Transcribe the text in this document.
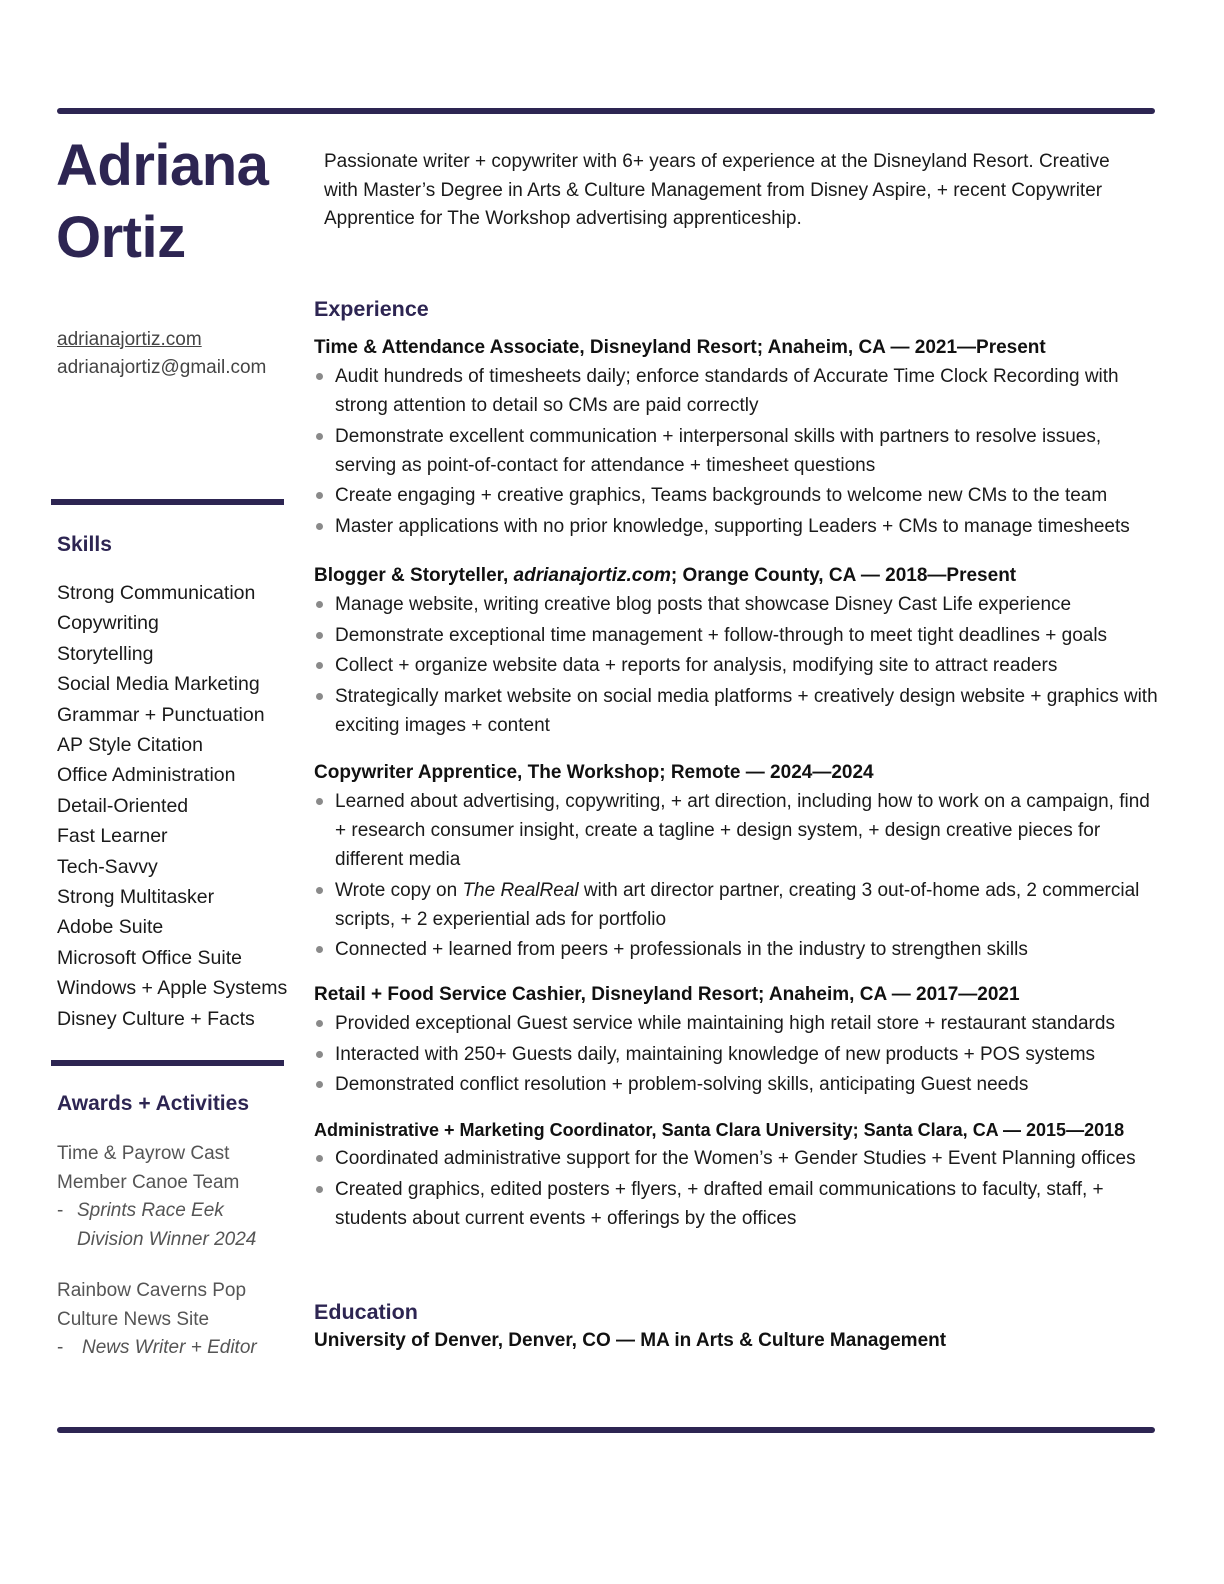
Adriana
Ortiz
adrianajortiz.com
adrianajortiz@gmail.com

Passionate writer + copywriter with 6+ years of experience at the Disneyland Resort. Creative with Master’s Degree in Arts & Culture Management from Disney Aspire, + recent Copywriter Apprentice for The Workshop advertising apprenticeship.

Skills
Strong Communication
Copywriting
Storytelling
Social Media Marketing
Grammar + Punctuation
AP Style Citation
Office Administration
Detail-Oriented
Fast Learner
Tech-Savvy
Strong Multitasker
Adobe Suite
Microsoft Office Suite
Windows + Apple Systems
Disney Culture + Facts
Awards + Activities
Time & Payrow Cast
Member Canoe Team
- Sprints Race Eek
Division Winner 2024
Rainbow Caverns Pop
Culture News Site
- News Writer + Editor
Experience
Time & Attendance Associate, Disneyland Resort; Anaheim, CA — 2021—Present
Audit hundreds of timesheets daily; enforce standards of Accurate Time Clock Recording with strong attention to detail so CMs are paid correctly
Demonstrate excellent communication + interpersonal skills with partners to resolve issues, serving as point-of-contact for attendance + timesheet questions
Create engaging + creative graphics, Teams backgrounds to welcome new CMs to the team
Master applications with no prior knowledge, supporting Leaders + CMs to manage timesheets
Blogger & Storyteller, adrianajortiz.com; Orange County, CA — 2018—Present
Manage website, writing creative blog posts that showcase Disney Cast Life experience
Demonstrate exceptional time management + follow-through to meet tight deadlines + goals
Collect + organize website data + reports for analysis, modifying site to attract readers
Strategically market website on social media platforms + creatively design website + graphics with exciting images + content
Copywriter Apprentice, The Workshop; Remote — 2024—2024
Learned about advertising, copywriting, + art direction, including how to work on a campaign, find + research consumer insight, create a tagline + design system, + design creative pieces for different media
Wrote copy on The RealReal with art director partner, creating 3 out-of-home ads, 2 commercial scripts, + 2 experiential ads for portfolio
Connected + learned from peers + professionals in the industry to strengthen skills
Retail + Food Service Cashier, Disneyland Resort; Anaheim, CA — 2017—2021
Provided exceptional Guest service while maintaining high retail store + restaurant standards
Interacted with 250+ Guests daily, maintaining knowledge of new products + POS systems
Demonstrated conflict resolution + problem-solving skills, anticipating Guest needs
Administrative + Marketing Coordinator, Santa Clara University; Santa Clara, CA — 2015—2018
Coordinated administrative support for the Women’s + Gender Studies + Event Planning offices
Created graphics, edited posters + flyers, + drafted email communications to faculty, staff, + students about current events + offerings by the offices
Education
University of Denver, Denver, CO — MA in Arts & Culture Management
